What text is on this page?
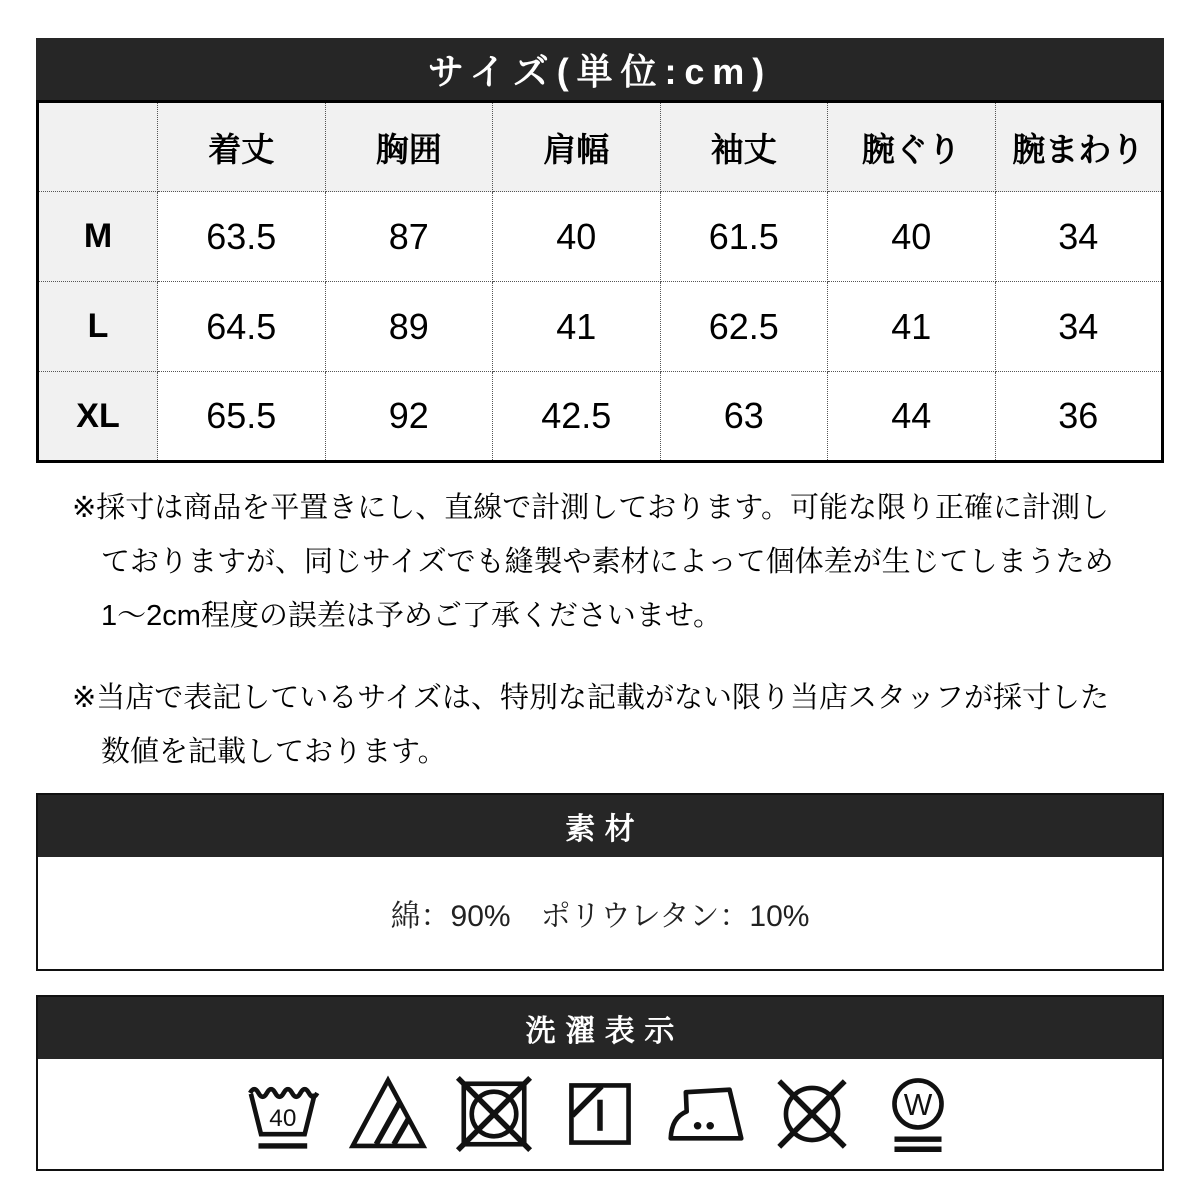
サイズ(単位:cm)
	着丈	胸囲	肩幅	袖丈	腕ぐり	腕まわり
M	63.5	87	40	61.5	40	34
L	64.5	89	41	62.5	41	34
XL	65.5	92	42.5	63	44	36
※採寸は商品を平置きにし、直線で計測しております。可能な限り正確に計測し
ておりますが、同じサイズでも縫製や素材によって個体差が生じてしまうため
1〜2cm程度の誤差は予めご了承くださいませ。
※当店で表記しているサイズは、特別な記載がない限り当店スタッフが採寸した
数値を記載しております。
素材
綿：90%　ポリウレタン：10%
洗濯表示
40	W
